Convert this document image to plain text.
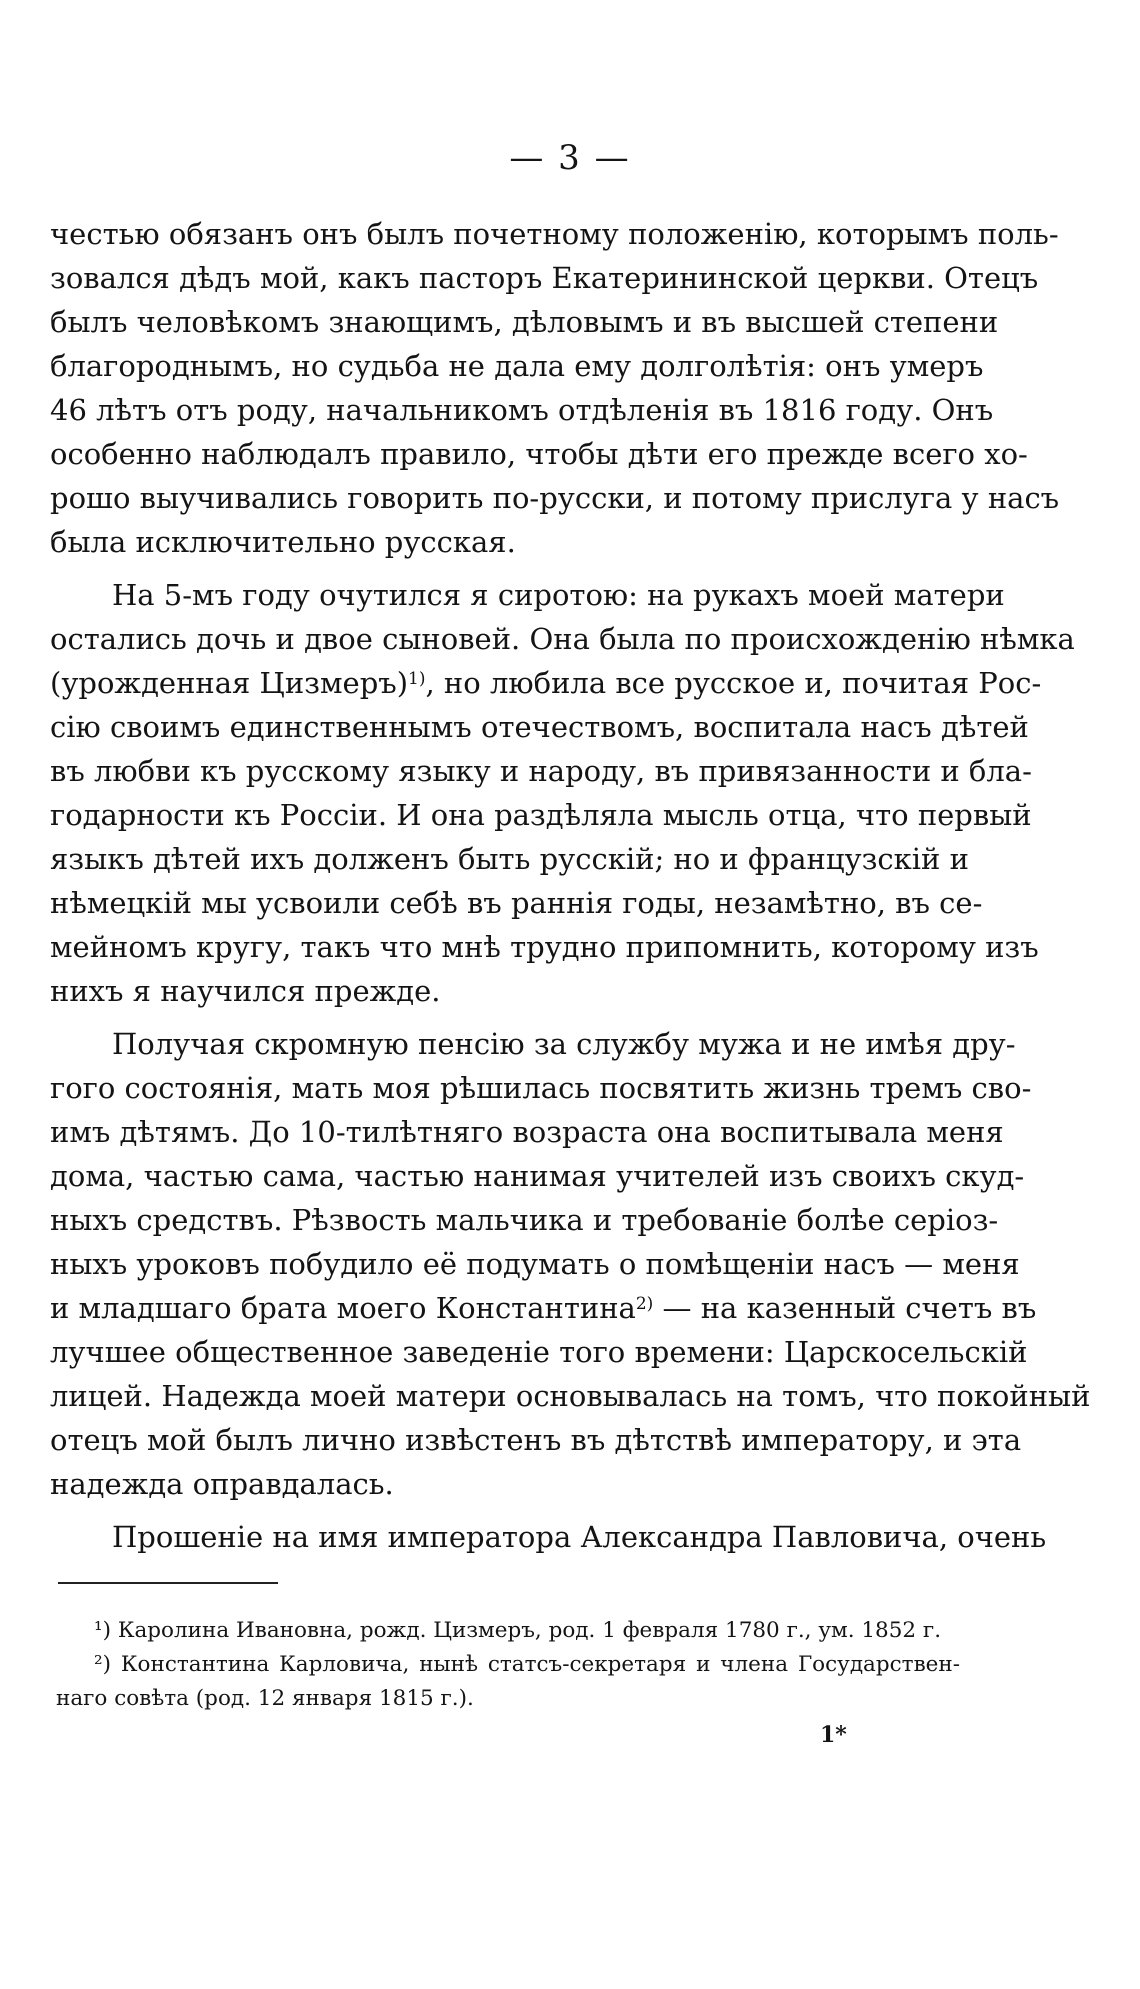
— 3 —
честью обязанъ онъ былъ почетному положенію, которымъ поль-
зовался дѣдъ мой, какъ пасторъ Екатерининской церкви. Отецъ
былъ человѣкомъ знающимъ, дѣловымъ и въ высшей степени
благороднымъ, но судьба не дала ему долголѣтія: онъ умеръ
46 лѣтъ отъ роду, начальникомъ отдѣленія въ 1816 году. Онъ
особенно наблюдалъ правило, чтобы дѣти его прежде всего хо-
рошо выучивались говорить по-русски, и потому прислуга у насъ
была исключительно русская.
На 5-мъ году очутился я сиротою: на рукахъ моей матери
остались дочь и двое сыновей. Она была по происхожденію нѣмка
(урожденная Цизмеръ)$^{1)}$, но любила все русское и, почитая Рос-
сію своимъ единственнымъ отечествомъ, воспитала насъ дѣтей
въ любви къ русскому языку и народу, въ привязанности и бла-
годарности къ Россіи. И она раздѣляла мысль отца, что первый
языкъ дѣтей ихъ долженъ быть русскій; но и французскій и
нѣмецкій мы усвоили себѣ въ раннія годы, незамѣтно, въ се-
мейномъ кругу, такъ что мнѣ трудно припомнить, которому изъ
нихъ я научился прежде.
Получая скромную пенсію за службу мужа и не имѣя дру-
гого состоянія, мать моя рѣшилась посвятить жизнь тремъ сво-
имъ дѣтямъ. До 10-тилѣтняго возраста она воспитывала меня
дома, частью сама, частью нанимая учителей изъ своихъ скуд-
ныхъ средствъ. Рѣзвость мальчика и требованіе болѣе серіоз-
ныхъ уроковъ побудило её подумать о помѣщеніи насъ — меня
и младшаго брата моего Константина$^{2)}$ — на казенный счетъ въ
лучшее общественное заведеніе того времени: Царскосельскій
лицей. Надежда моей матери основывалась на томъ, что покойный
отецъ мой былъ лично извѣстенъ въ дѣтствѣ императору, и эта
надежда оправдалась.
Прошеніе на имя императора Александра Павловича, очень
¹) Каролина Ивановна, рожд. Цизмеръ, род. 1 февраля 1780 г., ум. 1852 г.
²) Константина Карловича, нынѣ статсъ-секретаря и члена Государствен-
наго совѣта (род. 12 января 1815 г.).
1*
